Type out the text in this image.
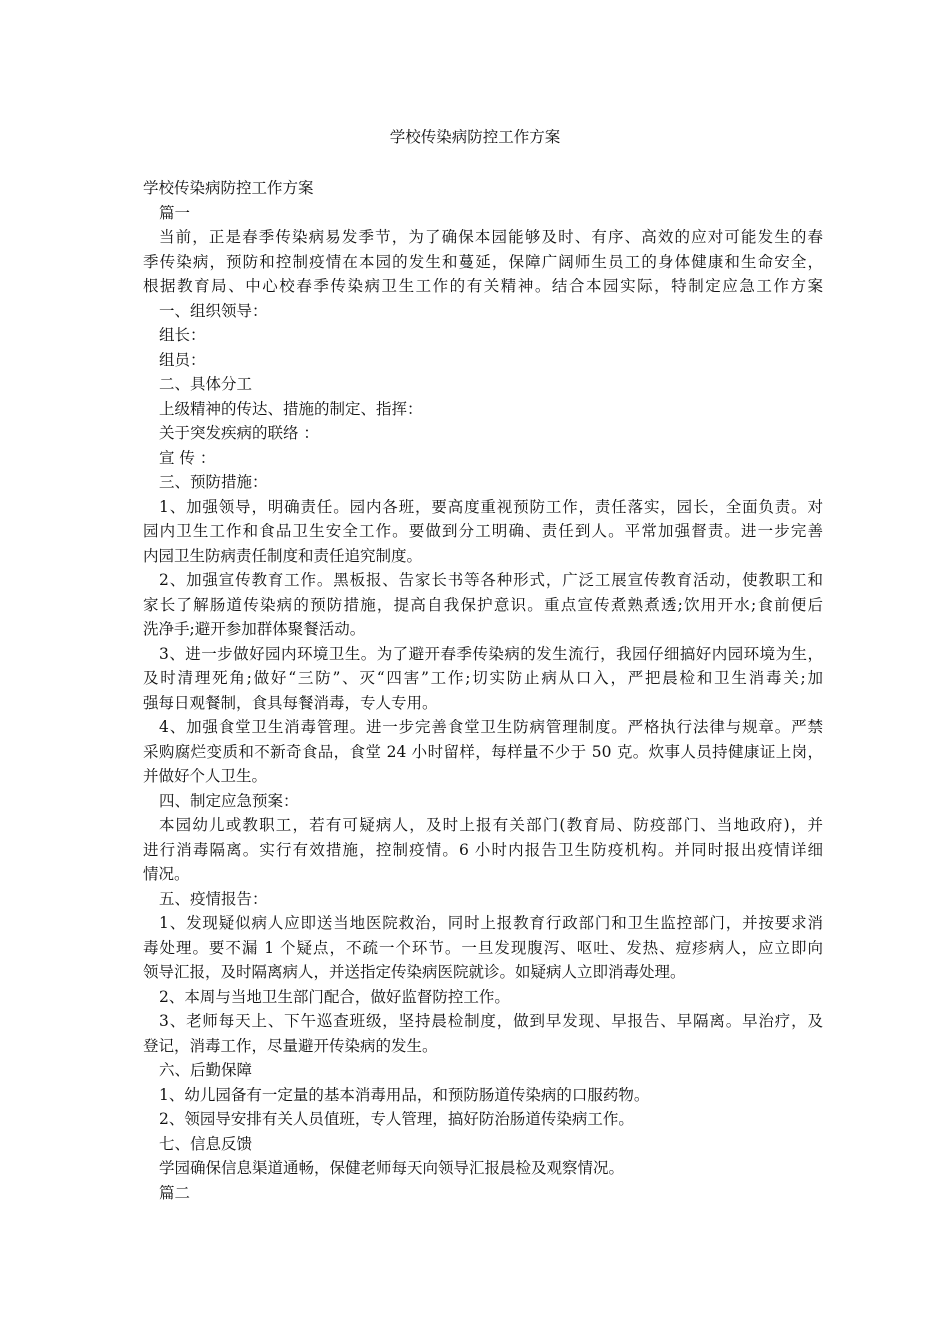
学校传染病防控工作方案
学校传染病防控工作方案
篇一
当前，正是春季传染病易发季节，为了确保本园能够及时、有序、高效的应对可能发生的春
季传染病，预防和控制疫情在本园的发生和蔓延，保障广阔师生员工的身体健康和生命安全，
根据教育局、中心校春季传染病卫生工作的有关精神。结合本园实际，特制定应急工作方案
一、组织领导：
组长：
组员：
二、具体分工
上级精神的传达、措施的制定、指挥：
关于突发疾病的联络 ：
宣 传 ：
三、预防措施：
1、加强领导，明确责任。园内各班，要高度重视预防工作，责任落实，园长，全面负责。对
园内卫生工作和食品卫生安全工作。要做到分工明确、责任到人。平常加强督责。进一步完善
内园卫生防病责任制度和责任追究制度。
2、加强宣传教育工作。黑板报、告家长书等各种形式，广泛工展宣传教育活动，使教职工和
家长了解肠道传染病的预防措施，提高自我保护意识。重点宣传煮熟煮透;饮用开水;食前便后
洗净手;避开参加群体聚餐活动。
3、进一步做好园内环境卫生。为了避开春季传染病的发生流行，我园仔细搞好内园环境为生，
及时清理死角;做好“三防”、灭“四害”工作;切实防止病从口入，严把晨检和卫生消毒关;加
强每日观餐制，食具每餐消毒，专人专用。
4、加强食堂卫生消毒管理。进一步完善食堂卫生防病管理制度。严格执行法律与规章。严禁
采购腐烂变质和不新奇食品，食堂 24 小时留样，每样量不少于 50 克。炊事人员持健康证上岗，
并做好个人卫生。
四、制定应急预案：
本园幼儿或教职工，若有可疑病人，及时上报有关部门(教育局、防疫部门、当地政府)，并
进行消毒隔离。实行有效措施，控制疫情。6 小时内报告卫生防疫机构。并同时报出疫情详细
情况。
五、疫情报告：
1、发现疑似病人应即送当地医院救治，同时上报教育行政部门和卫生监控部门，并按要求消
毒处理。要不漏 1 个疑点，不疏一个环节。一旦发现腹泻、呕吐、发热、痘疹病人，应立即向
领导汇报，及时隔离病人，并送指定传染病医院就诊。如疑病人立即消毒处理。
2、本周与当地卫生部门配合，做好监督防控工作。
3、老师每天上、下午巡查班级，坚持晨检制度，做到早发现、早报告、早隔离。早治疗，及
登记，消毒工作，尽量避开传染病的发生。
六、后勤保障
1、幼儿园备有一定量的基本消毒用品，和预防肠道传染病的口服药物。
2、领园导安排有关人员值班，专人管理，搞好防治肠道传染病工作。
七、信息反馈
学园确保信息渠道通畅，保健老师每天向领导汇报晨检及观察情况。
篇二
